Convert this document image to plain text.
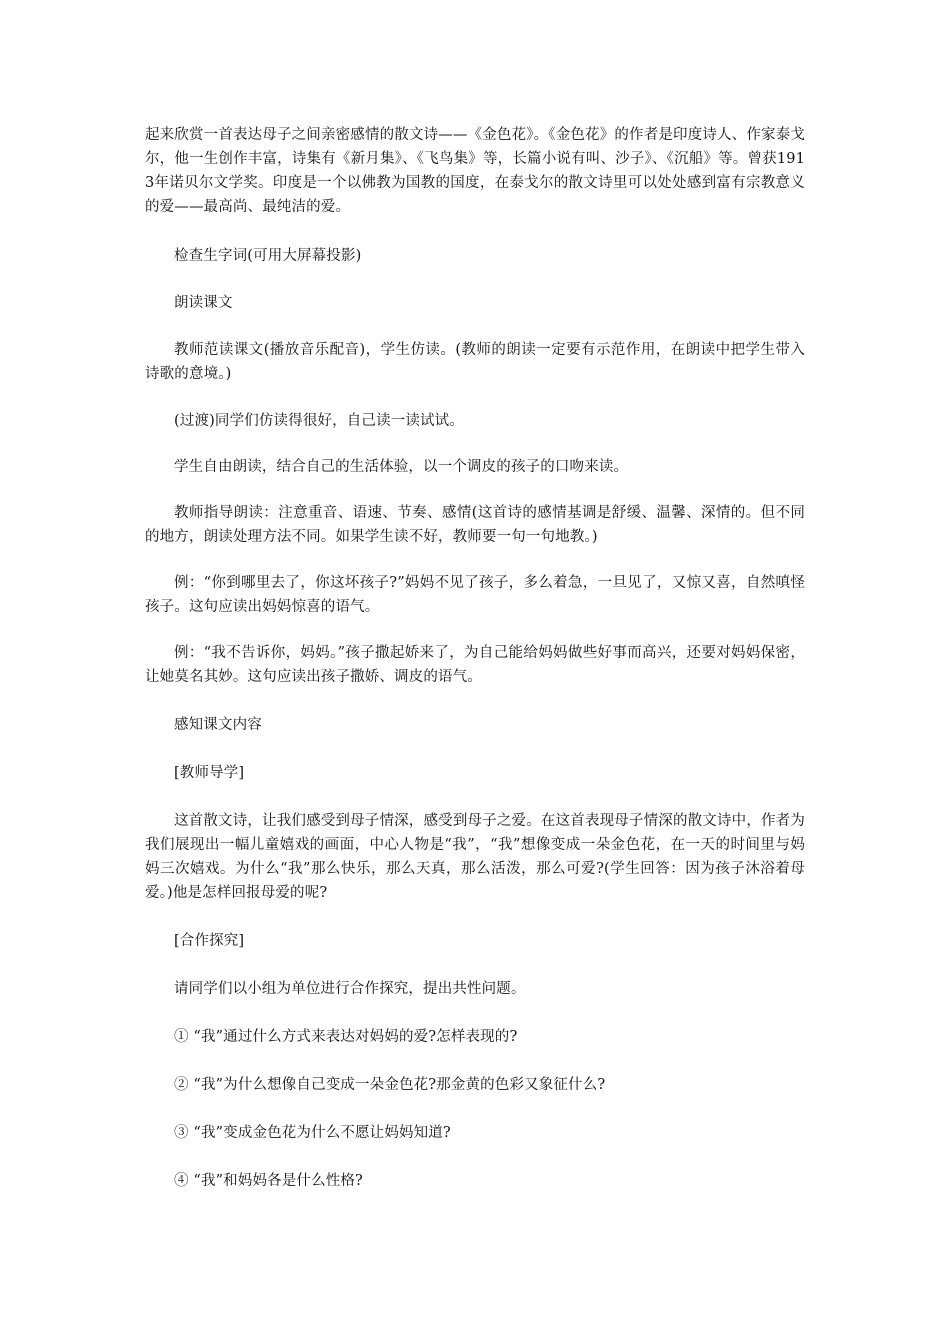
起来欣赏一首表达母子之间亲密感情的散文诗——《金色花》。《金色花》的作者是印度诗人、作家泰戈尔，他一生创作丰富，诗集有《新月集》、《飞鸟集》等，长篇小说有叫、沙子》、《沉船》等。曾获1913年诺贝尔文学奖。印度是一个以佛教为国教的国度，在泰戈尔的散文诗里可以处处感到富有宗教意义的爱——最高尚、最纯洁的爱。

检查生字词(可用大屏幕投影)

朗读课文

教师范读课文(播放音乐配音)，学生仿读。(教师的朗读一定要有示范作用，在朗读中把学生带入诗歌的意境。)

(过渡)同学们仿读得很好，自己读一读试试。

学生自由朗读，结合自己的生活体验，以一个调皮的孩子的口吻来读。

教师指导朗读：注意重音、语速、节奏、感情(这首诗的感情基调是舒缓、温馨、深情的。但不同的地方，朗读处理方法不同。如果学生读不好，教师要一句一句地教。)

例：“你到哪里去了，你这坏孩子?”妈妈不见了孩子，多么着急，一旦见了，又惊又喜，自然嗔怪孩子。这句应读出妈妈惊喜的语气。

例：“我不告诉你，妈妈。”孩子撒起娇来了，为自己能给妈妈做些好事而高兴，还要对妈妈保密，让她莫名其妙。这句应读出孩子撒娇、调皮的语气。

感知课文内容

[教师导学]

这首散文诗，让我们感受到母子情深，感受到母子之爱。在这首表现母子情深的散文诗中，作者为我们展现出一幅儿童嬉戏的画面，中心人物是“我”，“我”想像变成一朵金色花，在一天的时间里与妈妈三次嬉戏。为什么“我”那么快乐，那么天真，那么活泼，那么可爱?(学生回答：因为孩子沐浴着母爱。)他是怎样回报母爱的呢?

[合作探究]

请同学们以小组为单位进行合作探究，提出共性问题。

① “我”通过什么方式来表达对妈妈的爱?怎样表现的?

② “我”为什么想像自己变成一朵金色花?那金黄的色彩又象征什么?

③ “我”变成金色花为什么不愿让妈妈知道?

④ “我”和妈妈各是什么性格?
